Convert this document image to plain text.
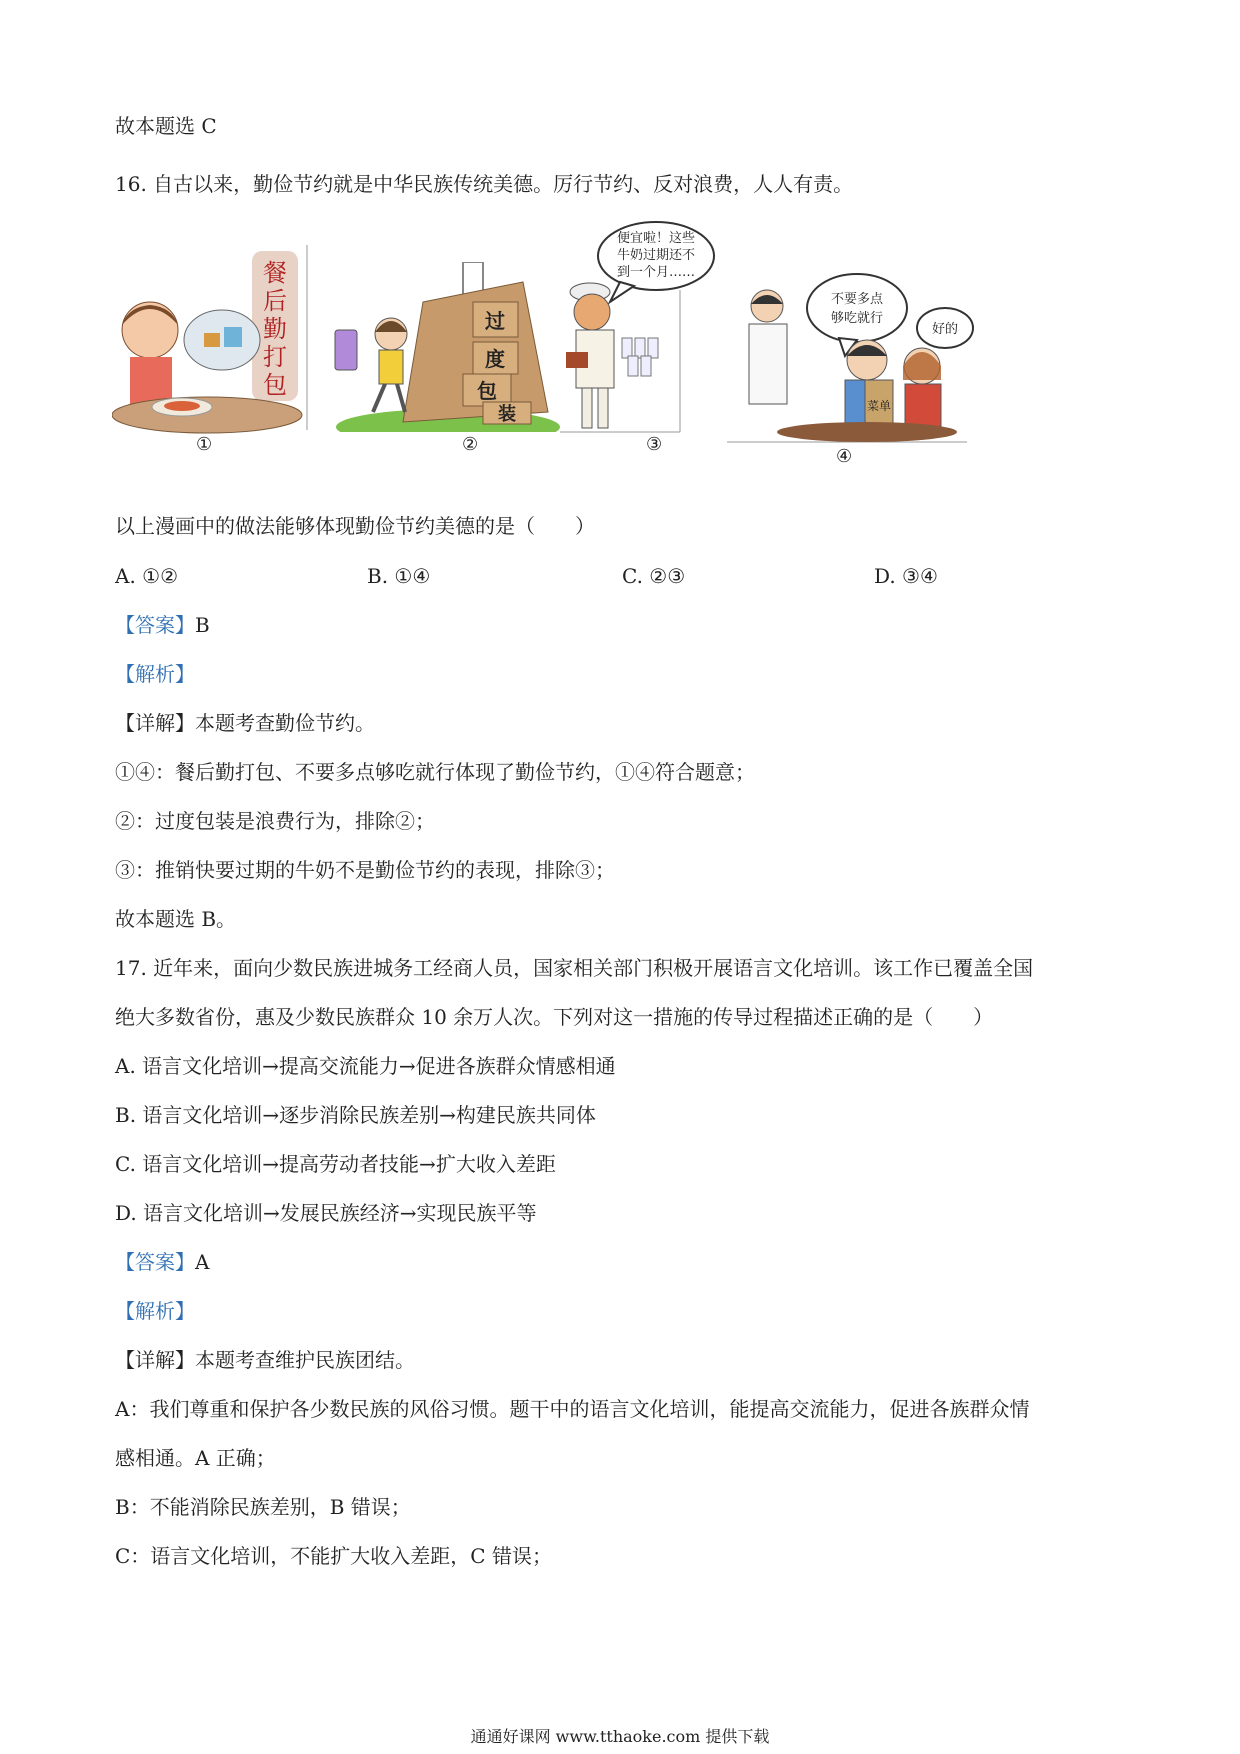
故本题选 C
16. 自古以来，勤俭节约就是中华民族传统美德。厉行节约、反对浪费，人人有责。
餐
后
勤
打
包
①
过
度
包
装
②
便宜啦！这些
牛奶过期还不
到一个月……
③
不要多点
够吃就行
好的
菜单
④
以上漫画中的做法能够体现勤俭节约美德的是（　　）
A. ①②	B. ①④	C. ②③	D. ③④
【答案】B
【解析】
【详解】本题考查勤俭节约。
①④：餐后勤打包、不要多点够吃就行体现了勤俭节约，①④符合题意；
②：过度包装是浪费行为，排除②；
③：推销快要过期的牛奶不是勤俭节约的表现，排除③；
故本题选 B。
17. 近年来，面向少数民族进城务工经商人员，国家相关部门积极开展语言文化培训。该工作已覆盖全国
绝大多数省份，惠及少数民族群众 10 余万人次。下列对这一措施的传导过程描述正确的是（　　）
A. 语言文化培训→提高交流能力→促进各族群众情感相通
B. 语言文化培训→逐步消除民族差别→构建民族共同体
C. 语言文化培训→提高劳动者技能→扩大收入差距
D. 语言文化培训→发展民族经济→实现民族平等
【答案】A
【解析】
【详解】本题考查维护民族团结。
A：我们尊重和保护各少数民族的风俗习惯。题干中的语言文化培训，能提高交流能力，促进各族群众情
感相通。A 正确；
B：不能消除民族差别，B 错误；
C：语言文化培训，不能扩大收入差距，C 错误；
通通好课网 www.tthaoke.com 提供下载
